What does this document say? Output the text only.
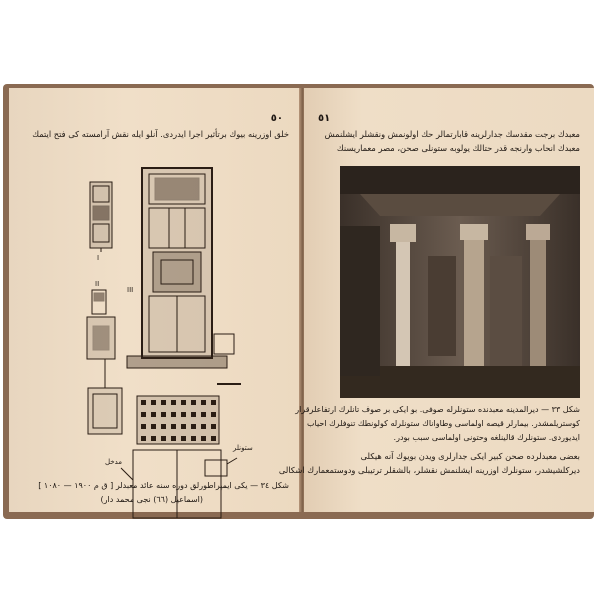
٥٠
خلق اوزرینه بیوك برتأثیر اجرا ایدردی. آنلو ایله نقش آرامسته کی فتح ایتمك
I
II
III
مدخل
ستونلر
شكل ٣٤ — یكی ایمپراطورلق دوره سنه عائد معبدلر [ ق م ١٩٠٠ — ١٠٨٠ ]
(اسماعیل (٦٦) نجی محمد دار)
٥١
معبدك برجت مقدسك جدارلرینه قابارتمالر حك اولونمش ونقشلر ایشلنمش
معبدك انحاب وارنجه قدر حتالك یولوبه ستونلی صحن، مصر معماریسنك
شكل ٣٣ — دیرالمدینه معبدنده ستونلرله صوفی. بو ایكی بر صوف تانلرك ارتفاعلرقرار
كوستریلمشدر. بیمارلر قیصه اولماسی وطاواناك ستونلرله كولونطك تنوفلرك احیاب
ایدیوردی. ستونلرك قالینلغه وحتونی اولماسی سبب بودر.
بعضی معبدلرده صحن كبیر ایکی جدارلری ویدن بویوك آنه هیكلی
دیركلشیشدر، ستونلرك اوزرینه ایشلنمش نقشلر، بالشقلر ترتیبلی ودوستمعمارك اشكالی
